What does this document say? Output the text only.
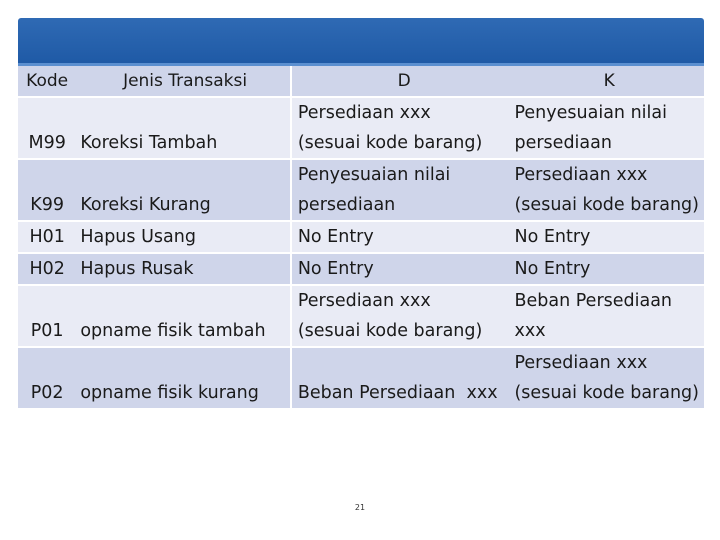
Kode	Jenis Transaksi	D	K
M99	Koreksi Tambah	Persediaan xxx	Penyesuaian nilai
		(sesuai kode barang)	persediaan
K99	Koreksi Kurang	Penyesuaian nilai	Persediaan xxx
		persediaan	(sesuai kode barang)
H01	Hapus Usang	No Entry	No Entry
H02	Hapus Rusak	No Entry	No Entry
P01	opname fisik tambah	Persediaan xxx	Beban Persediaan
		(sesuai kode barang)	xxx
P02	opname fisik kurang		Persediaan xxx
		Beban Persediaan  xxx	(sesuai kode barang)
21
